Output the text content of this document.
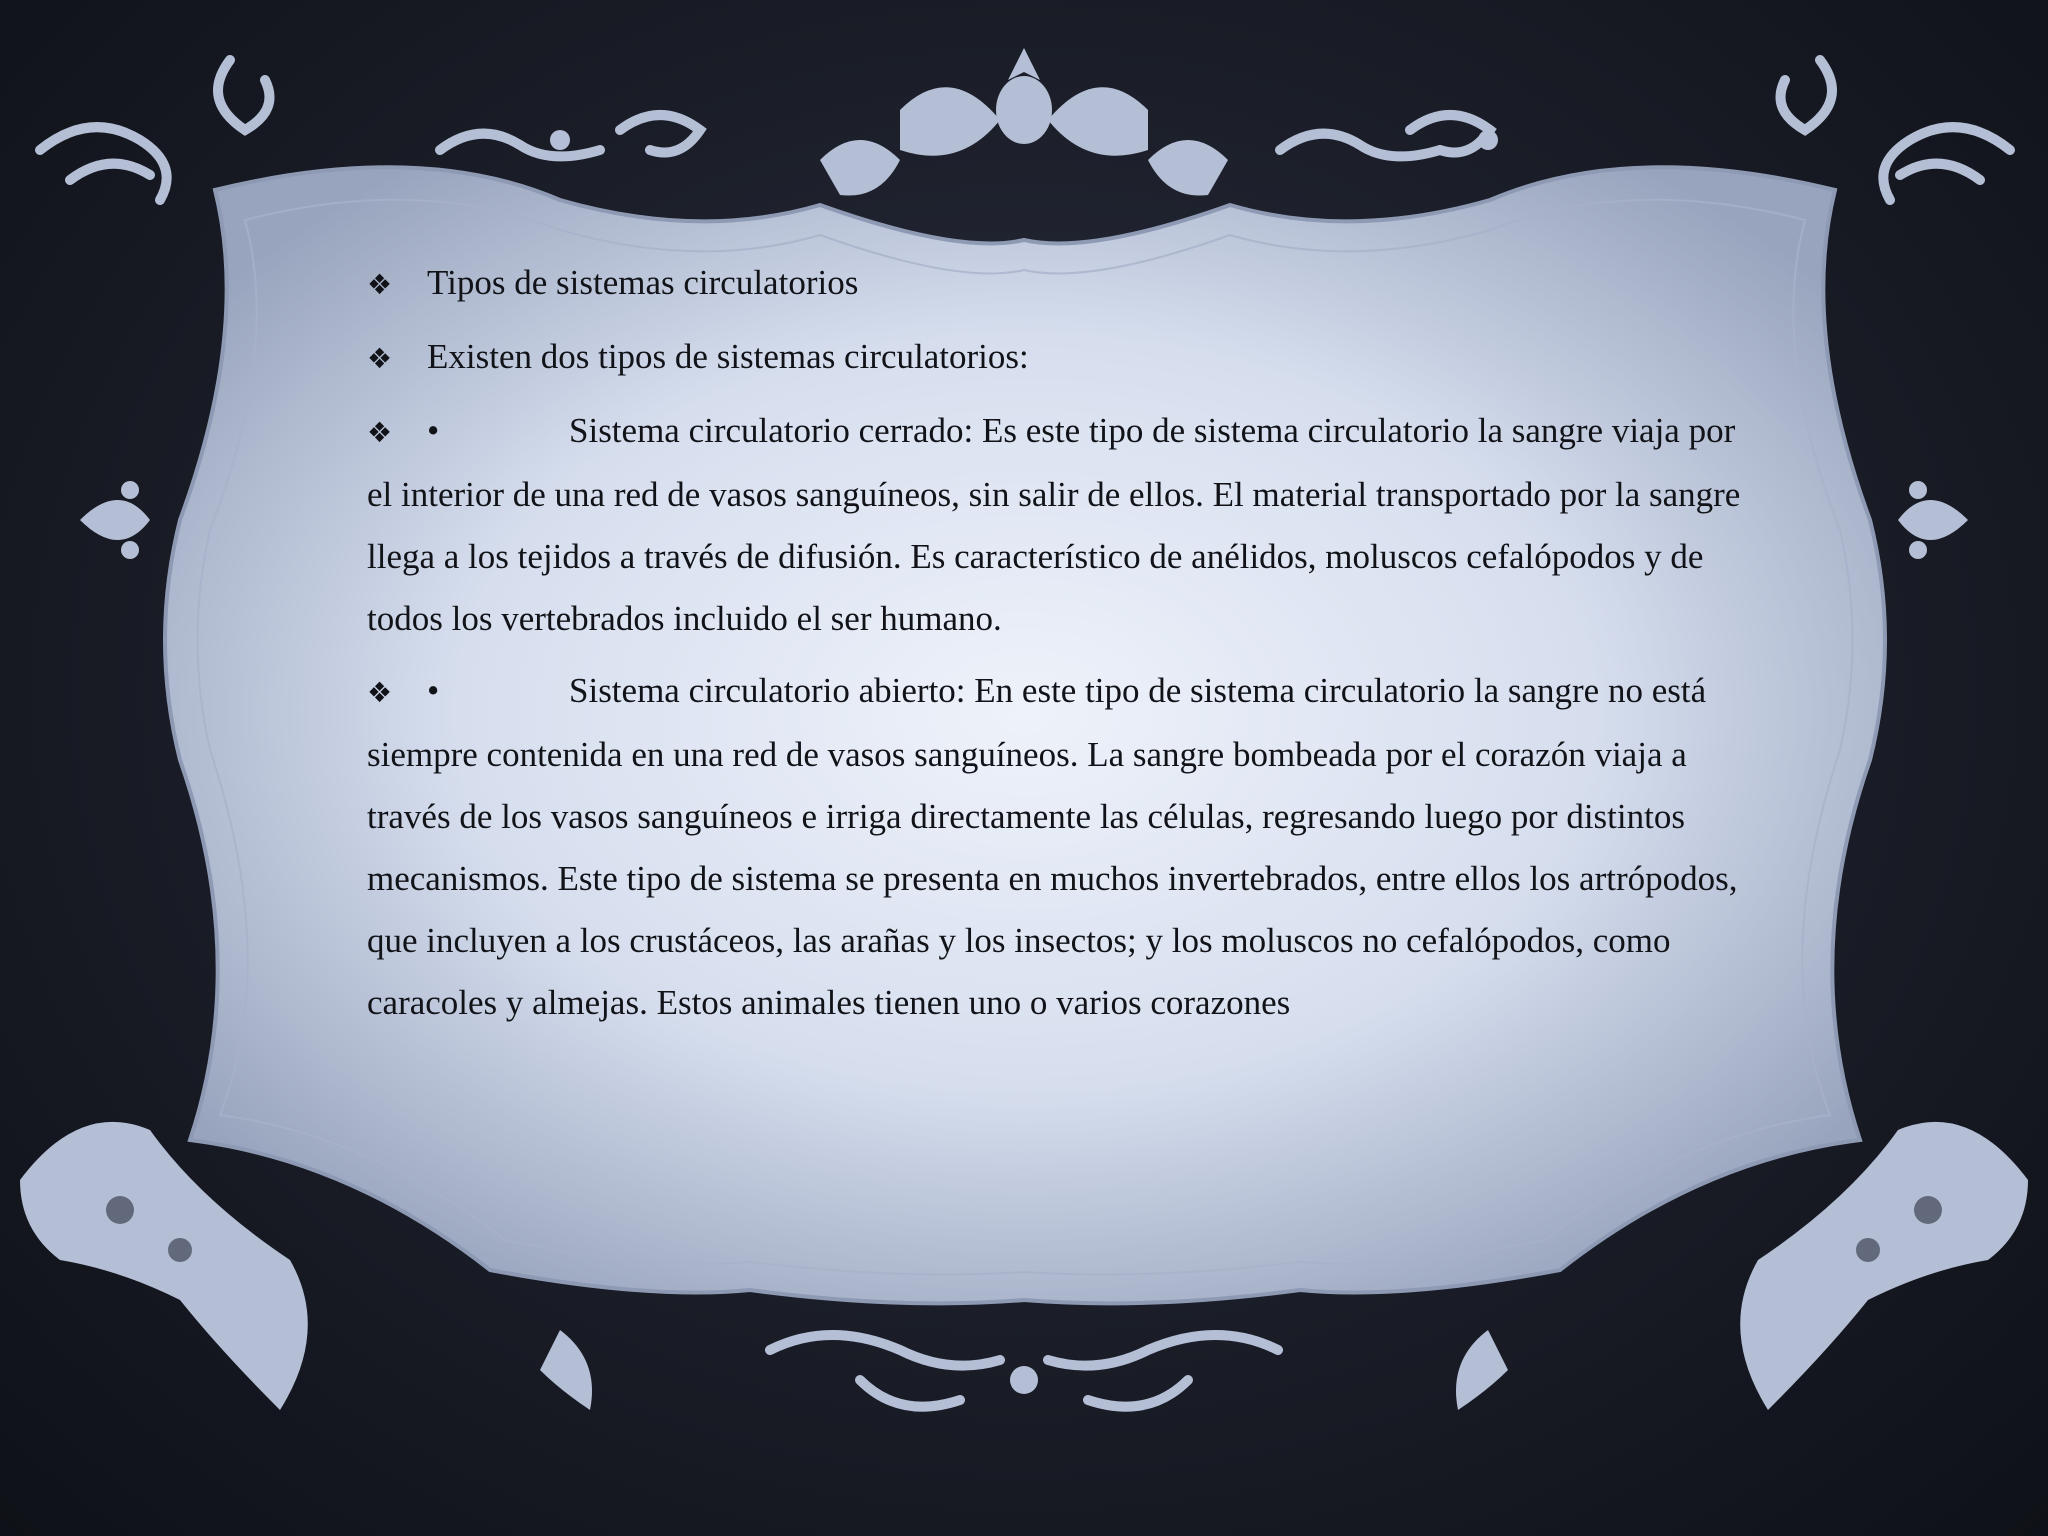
❖ Tipos de sistemas circulatorios

❖ Existen dos tipos de sistemas circulatorios:

❖ •	Sistema circulatorio cerrado: Es este tipo de sistema circulatorio la sangre viaja por el interior de una red de vasos sanguíneos, sin salir de ellos. El material transportado por la sangre llega a los tejidos a través de difusión. Es característico de anélidos, moluscos cefalópodos y de todos los vertebrados incluido el ser humano.

❖ •	Sistema circulatorio abierto: En este tipo de sistema circulatorio la sangre no está siempre contenida en una red de vasos sanguíneos. La sangre bombeada por el corazón viaja a través de los vasos sanguíneos e irriga directamente las células, regresando luego por distintos mecanismos. Este tipo de sistema se presenta en muchos invertebrados, entre ellos los artrópodos, que incluyen a los crustáceos, las arañas y los insectos; y los moluscos no cefalópodos, como caracoles y almejas. Estos animales tienen uno o varios corazones
